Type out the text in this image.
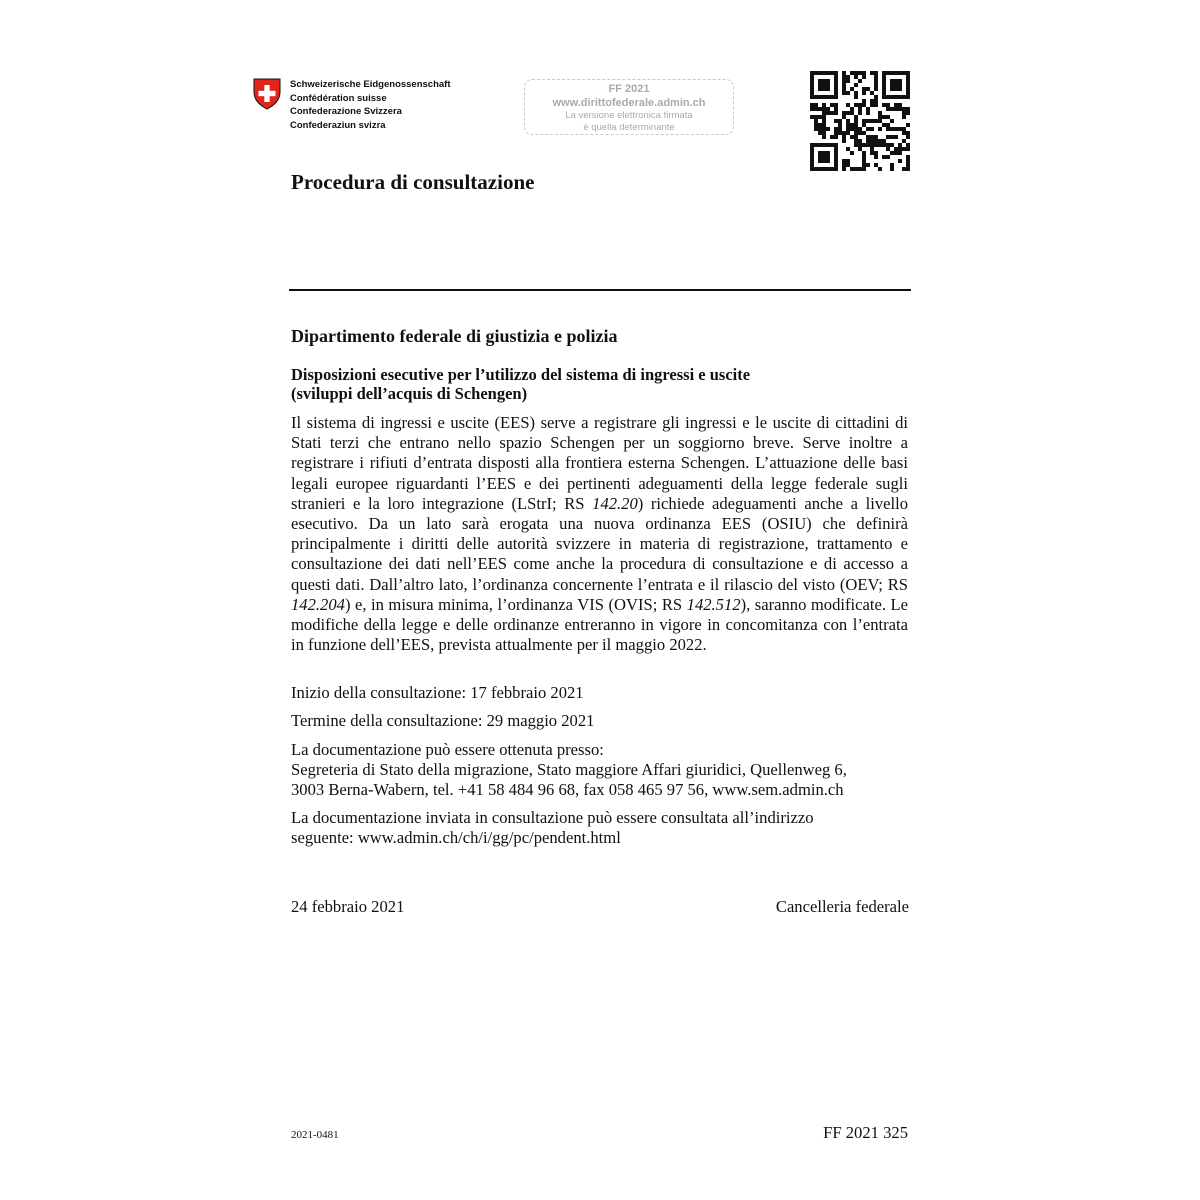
Schweizerische Eidgenossenschaft
Confédération suisse
Confederazione Svizzera
Confederaziun svizra
FF 2021
www.dirittofederale.admin.ch
La versione elettronica firmata
è quella determinante
Procedura di consultazione
Dipartimento federale di giustizia e polizia
Disposizioni esecutive per l’utilizzo del sistema di ingressi e uscite
(sviluppi dell’acquis di Schengen)

Il sistema di ingressi e uscite (EES) serve a registrare gli ingressi e le uscite di cittadini di Stati terzi che entrano nello spazio Schengen per un soggiorno breve. Serve inoltre a registrare i rifiuti d’entrata disposti alla frontiera esterna Schengen. L’attuazione delle basi legali europee riguardanti l’EES e dei pertinenti adeguamenti della legge federale sugli stranieri e la loro integrazione (LStrI; RS 142.20) richiede adeguamenti anche a livello esecutivo. Da un lato sarà erogata una nuova ordinanza EES (OSIU) che definirà principalmente i diritti delle autorità svizzere in materia di registrazione, trattamento e consultazione dei dati nell’EES come anche la procedura di consultazione e di accesso a questi dati. Dall’altro lato, l’ordinanza concernente l’entrata e il rilascio del visto (OEV; RS 142.204) e, in misura minima, l’ordinanza VIS (OVIS; RS 142.512), saranno modificate. Le modifiche della legge e delle ordinanze entreranno in vigore in concomitanza con l’entrata in funzione dell’EES, prevista attualmente per il maggio 2022.

Inizio della consultazione: 17 febbraio 2021
Termine della consultazione: 29 maggio 2021
La documentazione può essere ottenuta presso:
Segreteria di Stato della migrazione, Stato maggiore Affari giuridici, Quellenweg 6,
3003 Berna-Wabern, tel. +41 58 484 96 68, fax 058 465 97 56, www.sem.admin.ch
La documentazione inviata in consultazione può essere consultata all’indirizzo
seguente: www.admin.ch/ch/i/gg/pc/pendent.html
24 febbraio 2021	Cancelleria federale
2021-0481	FF 2021 325
